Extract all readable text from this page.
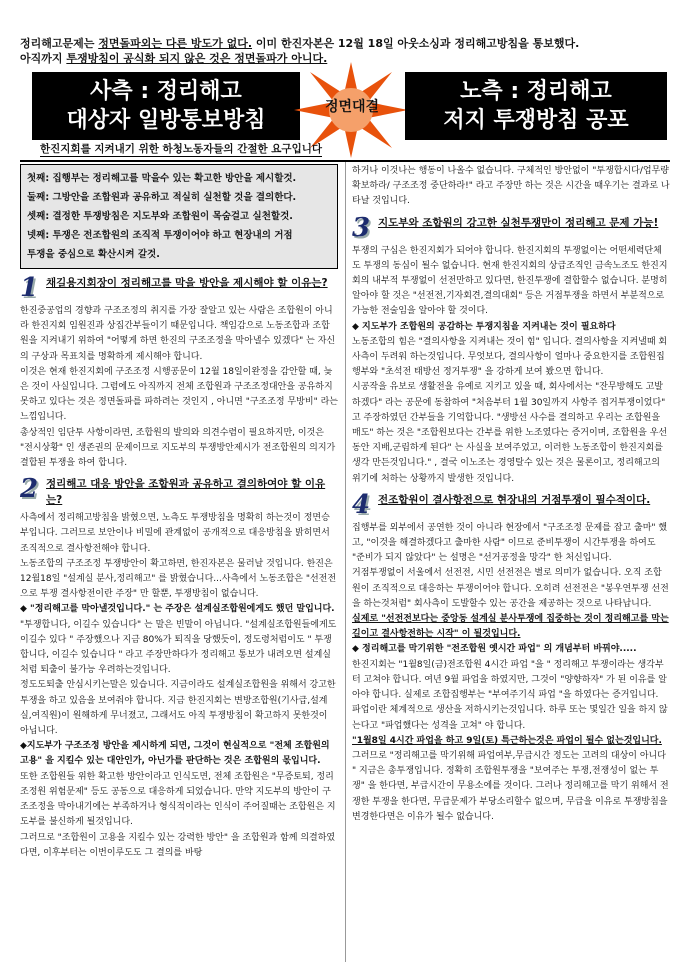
정리해고문제는 정면돌파외는 다른 방도가 없다. 이미 한진자본은 12월 18일 아웃소싱과 정리해고방침을 통보했다.
아직까지 투쟁방침이 공식화 되지 않은 것은 정면돌파가 아니다.
사측 : 정리해고
대상자 일방통보방침
정면대결
노측 : 정리해고
저지 투쟁방침 공포
한진지회를 지켜내기 위한 하청노동자들의 간절한 요구입니다
첫째: 집행부는 정리해고를 막을수 있는 확고한 방안을 제시할것.
둘째: 그방안을 조합원과 공유하고 적실히 실천할 것을 결의한다.
셋째: 결정한 투쟁방침은 지도부와 조합원이 목숨걸고 실천할것.
넷째: 투쟁은 전조합원의 조직적 투쟁이어야 하고 현장내의 거점
투쟁을 중심으로 확산시켜 갈것.
1 채길용지회장이 정리해고를 막을 방안을 제시해야 할 이유는?

한진중공업의 경향과 구조조정의 취지를 가장 잘알고 있는 사람은 조합원이 아니라 한진지회 임원진과 상집간부들이기 때문입니다. 책임감으로 노동조합과 조합원을 지켜내기 위하여 "어떻게 하면 한진의 구조조정을 막아낼수 있겠다" 는 자신의 구상과 목표치를 명확하게 제시해야 합니다.

이것은 현재 한진지회에 구조조정 시행공문이 12월 18일이완정을 감안할 때, 늦은 것이 사실입니다. 그럼에도 아직까지 전체 조합원과 구조조정대안을 공유하지 못하고 있다는 것은 정면돌파를 파하려는 것인지 , 아니면 "구조조정 무방비" 라는 느낌입니다.

총상적인 임단투 사항이라면, 조합원의 발의와 의견수렴이 필요하지만, 이것은 "전시상황" 인 생존권의 문제이므로 지도부의 투쟁방안제시가 전조합원의 의지가 결합된 투쟁을 하여 합니다.

2 정리해고 대응 방안을 조합원과 공유하고 결의하여야 할 이유는?

사측에서 정리해고방침을 밝혔으면, 노측도 투쟁방침을 명확히 하는것이 정면승부입니다. 그러므로 보안이나 비밀에 관계없이 공개적으로 대응방침을 밝히면서 조직적으로 결사항전해야 합니다.

노동조합의 구조조정 투쟁방안이 확고하면, 한진자본은 물러날 것입니다. 한진은 12월18일 "설계실 분사,정리해고" 를 밝혔습니다...사측에서 노동조합은 "선전전으로 투쟁 결사항전이란 주장" 만 할뿐, 투쟁방침이 없습니다.

◆ "정리해고를 막아낼것입니다." 는 주장은 설계실조합원에게도 했던 말입니다.

"투쟁합니다, 이길수 있습니다" 는 말은 빈말이 아닙니다. "설계실조합원들에게도 이길수 있다 " 주장했으나 지금 80%가 퇴직을 당했듯이, 정도령처럼이도 " 투쟁합니다, 이길수 있습니다 " 라고 주장만하다가 정리해고 통보가 내려오면 설계실처럼 퇴출이 불가능 우려하는것입니다.

정도도퇴출 안심시키는말은 있습니다. 지금이라도 설계실조합원을 위해서 강고한 투쟁을 하고 있음을 보여줘야 합니다. 지금 한진지회는 변방조합원(기사급,설계실,여직원)이 원해하게 무너졌고, 그래서도 아직 투쟁방침이 확고하지 못한것이 아닙니다.

◆지도부가 구조조정 방안을 제시하게 되면, 그것이 현실적으로 "전체 조합원의 고용" 을 지킬수 있는 대안인가, 아닌가를 판단하는 것은 조합원의 몫입니다.

또한 조합원들 위한 확고한 방안이라고 인식도면, 전체 조합원은 "무증토퇴, 정리조정원 위험문제" 등도 공동으로 대응하게 되었습니다. 만약 지도부의 방안이 구조조정을 막아내기에는 부족하거나 형식적이라는 인식이 주어질때는 조합원은 지도부를 불신하게 될것입니다.

그러므로 "조합원이 고용을 지킬수 있는 강력한 방안" 을 조합원과 함께 의결하였다면, 이후부터는 이번이루도도 그 결의를 바탕

하거나 이것나는 행동이 나올수 없습니다. 구체적인 방안없이 "투쟁합시다/업무량 확보하라/ 구조조정 중단하라!" 라고 주장만 하는 것은 시간을 때우기는 결과로 나타날 것입니다.

3 지도부와 조합원의 강고한 실천투쟁만이 정리해고 문제 가능!

투쟁의 구심은 한진지회가 되어야 합니다. 한진지회의 투쟁없이는 어떤세력단체도 투쟁의 동심이 될수 없습니다. 현재 한진지회의 상급조직인 금속노조도 한진지회의 내부적 투쟁없이 선전만하고 있다면, 한진투쟁에 결합할수 없습니다. 분명히 알아야 할 것은 "선전전,기자회견,결의대회" 등은 거점투쟁을 하면서 부분적으로 가능한 전술임을 알아야 할 것이다.

◆ 지도부가 조합원의 공감하는 투쟁지침을 지켜내는 것이 필요하다

노동조합의 힘은 "결의사항을 지켜내는 것이 힘" 입니다. 결의사항을 지켜낼때 회사측이 두려워 하는것입니다. 무엇보다, 결의사항이 얼마나 중요한지를 조합원집행부와 "초석전 태방선 정거투쟁" 을 강하게 보여 봤으면 합니다.

시공작을 유보로 생활전을 유예로 지키고 있을 때, 회사에서는 "잔무방해도 고발하겠다" 라는 공문에 동참하여 "처음부터 1월 30일까지 사항주 접거투쟁이었다" 고 주장하였던 간부들을 기억합니다. "생방선 사수를 결의하고 우리는 조합원을 매도" 하는 것은 "조합원보다는 간부를 위한 노조였다는 증거이며, 조합원을 우선 동안 지배,군림하게 된다" 는 사실을 보여주었고, 이러한 노동조합이 한진지회를 생각 만든것입니다." , 결국 이노조는 경영탈수 있는 것은 물론이고, 정리해고의 위기에 처하는 상황까지 발생한 것입니다.

4 전조합원이 결사항전으로 현장내의 거점투쟁이 필수적이다.

집행부를 외부에서 공연한 것이 아니라 현장에서 "구조조정 문제를 잡고 출마" 했고, "이것을 해결하겠다고 출마한 사람" 이므로 준비투쟁이 시간투쟁을 하여도 "준비가 되지 않았다" 는 설명은 "선거공정을 망각" 한 처신입니다.

거점투쟁없이 서울에서 선전전, 시민 선전전은 별로 의미가 없습니다. 오직 조합원이 조직적으로 대응하는 투쟁이어야 합니다. 오히려 선전전은 "봉우연투쟁 선전을 하는것처럼" 회사측이 도발할수 있는 공간을 제공하는 것으로 나타납니다.

실제로 "선전전보다는 중앙동 설계실 분사투쟁에 집중하는 것이 정리해고를 막는길이고 결사항전하는 시작" 이 될것입니다.

◆ 정리해고를 막기위한 "전조합원 옛시간 파업" 의 개념부터 바꿔야.....

한진지회는 "1월8일(금)전조합원 4시간 파업 "을 " 정리해고 투쟁이라는 생각부터 고쳐야 합니다. 여년 9월 파업을 하였지만, 그것이 "양향하자" 가 된 이유를 알아야 합니다. 실제로 조합집행부는 "부여주기식 파업 "을 하였다는 증거입니다.

파업이란 체계적으로 생산을 저하시키는것입니다. 하루 또는 몇일간 일을 하지 않는다고 "파업했다는 성격을 고쳐" 야 합니다.

"1월8일 4시간 파업을 하고 9일(토) 특근하는것은 파업이 될수 없는것입니다.

그러므로 "정리해고를 막기위해 파업여부,무급시간 정도는 고려의 대상이 아니다 " 지금은 총투쟁입니다. 정확히 조합원투쟁을 "보여주는 투쟁,전쟁성이 없는 투쟁" 을 한다면, 부급시간이 무용소에를 것이다. 그러나 정리해고를 막기 위해서 전쟁한 투쟁을 한다면, 무급문제가 부당소리할수 없으며, 무급을 이유로 투쟁방침을 변경한다면은 이유가 될수 없습니다.
